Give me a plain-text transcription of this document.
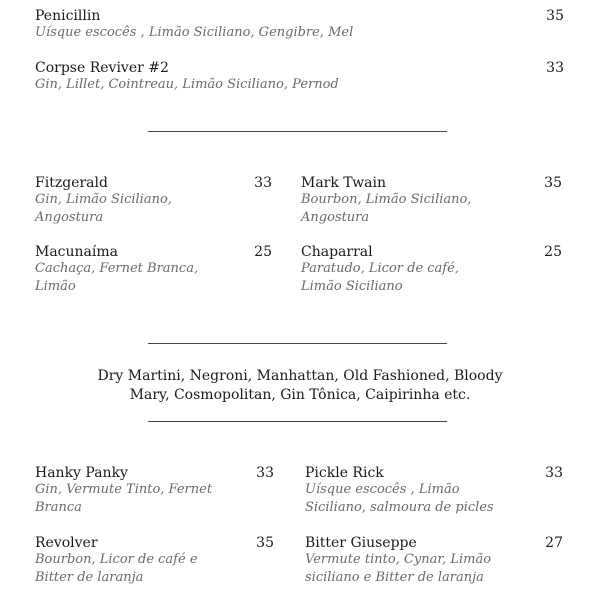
Penicillin	35
Uísque escocês , Limão Siciliano, Gengibre, Mel
Corpse Reviver #2	33
Gin, Lillet, Cointreau, Limão Siciliano, Pernod
Fitzgerald	33
Gin, Limão Siciliano, Angostura
Mark Twain	35
Bourbon, Limão Siciliano, Angostura
Macunaíma	25
Cachaça, Fernet Branca, Limão
Chaparral	25
Paratudo, Licor de café, Limão Siciliano
Dry Martini, Negroni, Manhattan, Old Fashioned, Bloody Mary, Cosmopolitan, Gin Tônica, Caipirinha etc.
Hanky Panky	33
Gin, Vermute Tinto, Fernet Branca
Pickle Rick	33
Uísque escocês , Limão Siciliano, salmoura de picles
Revolver	35
Bourbon, Licor de café e Bitter de laranja
Bitter Giuseppe	27
Vermute tinto, Cynar, Limão siciliano e Bitter de laranja
